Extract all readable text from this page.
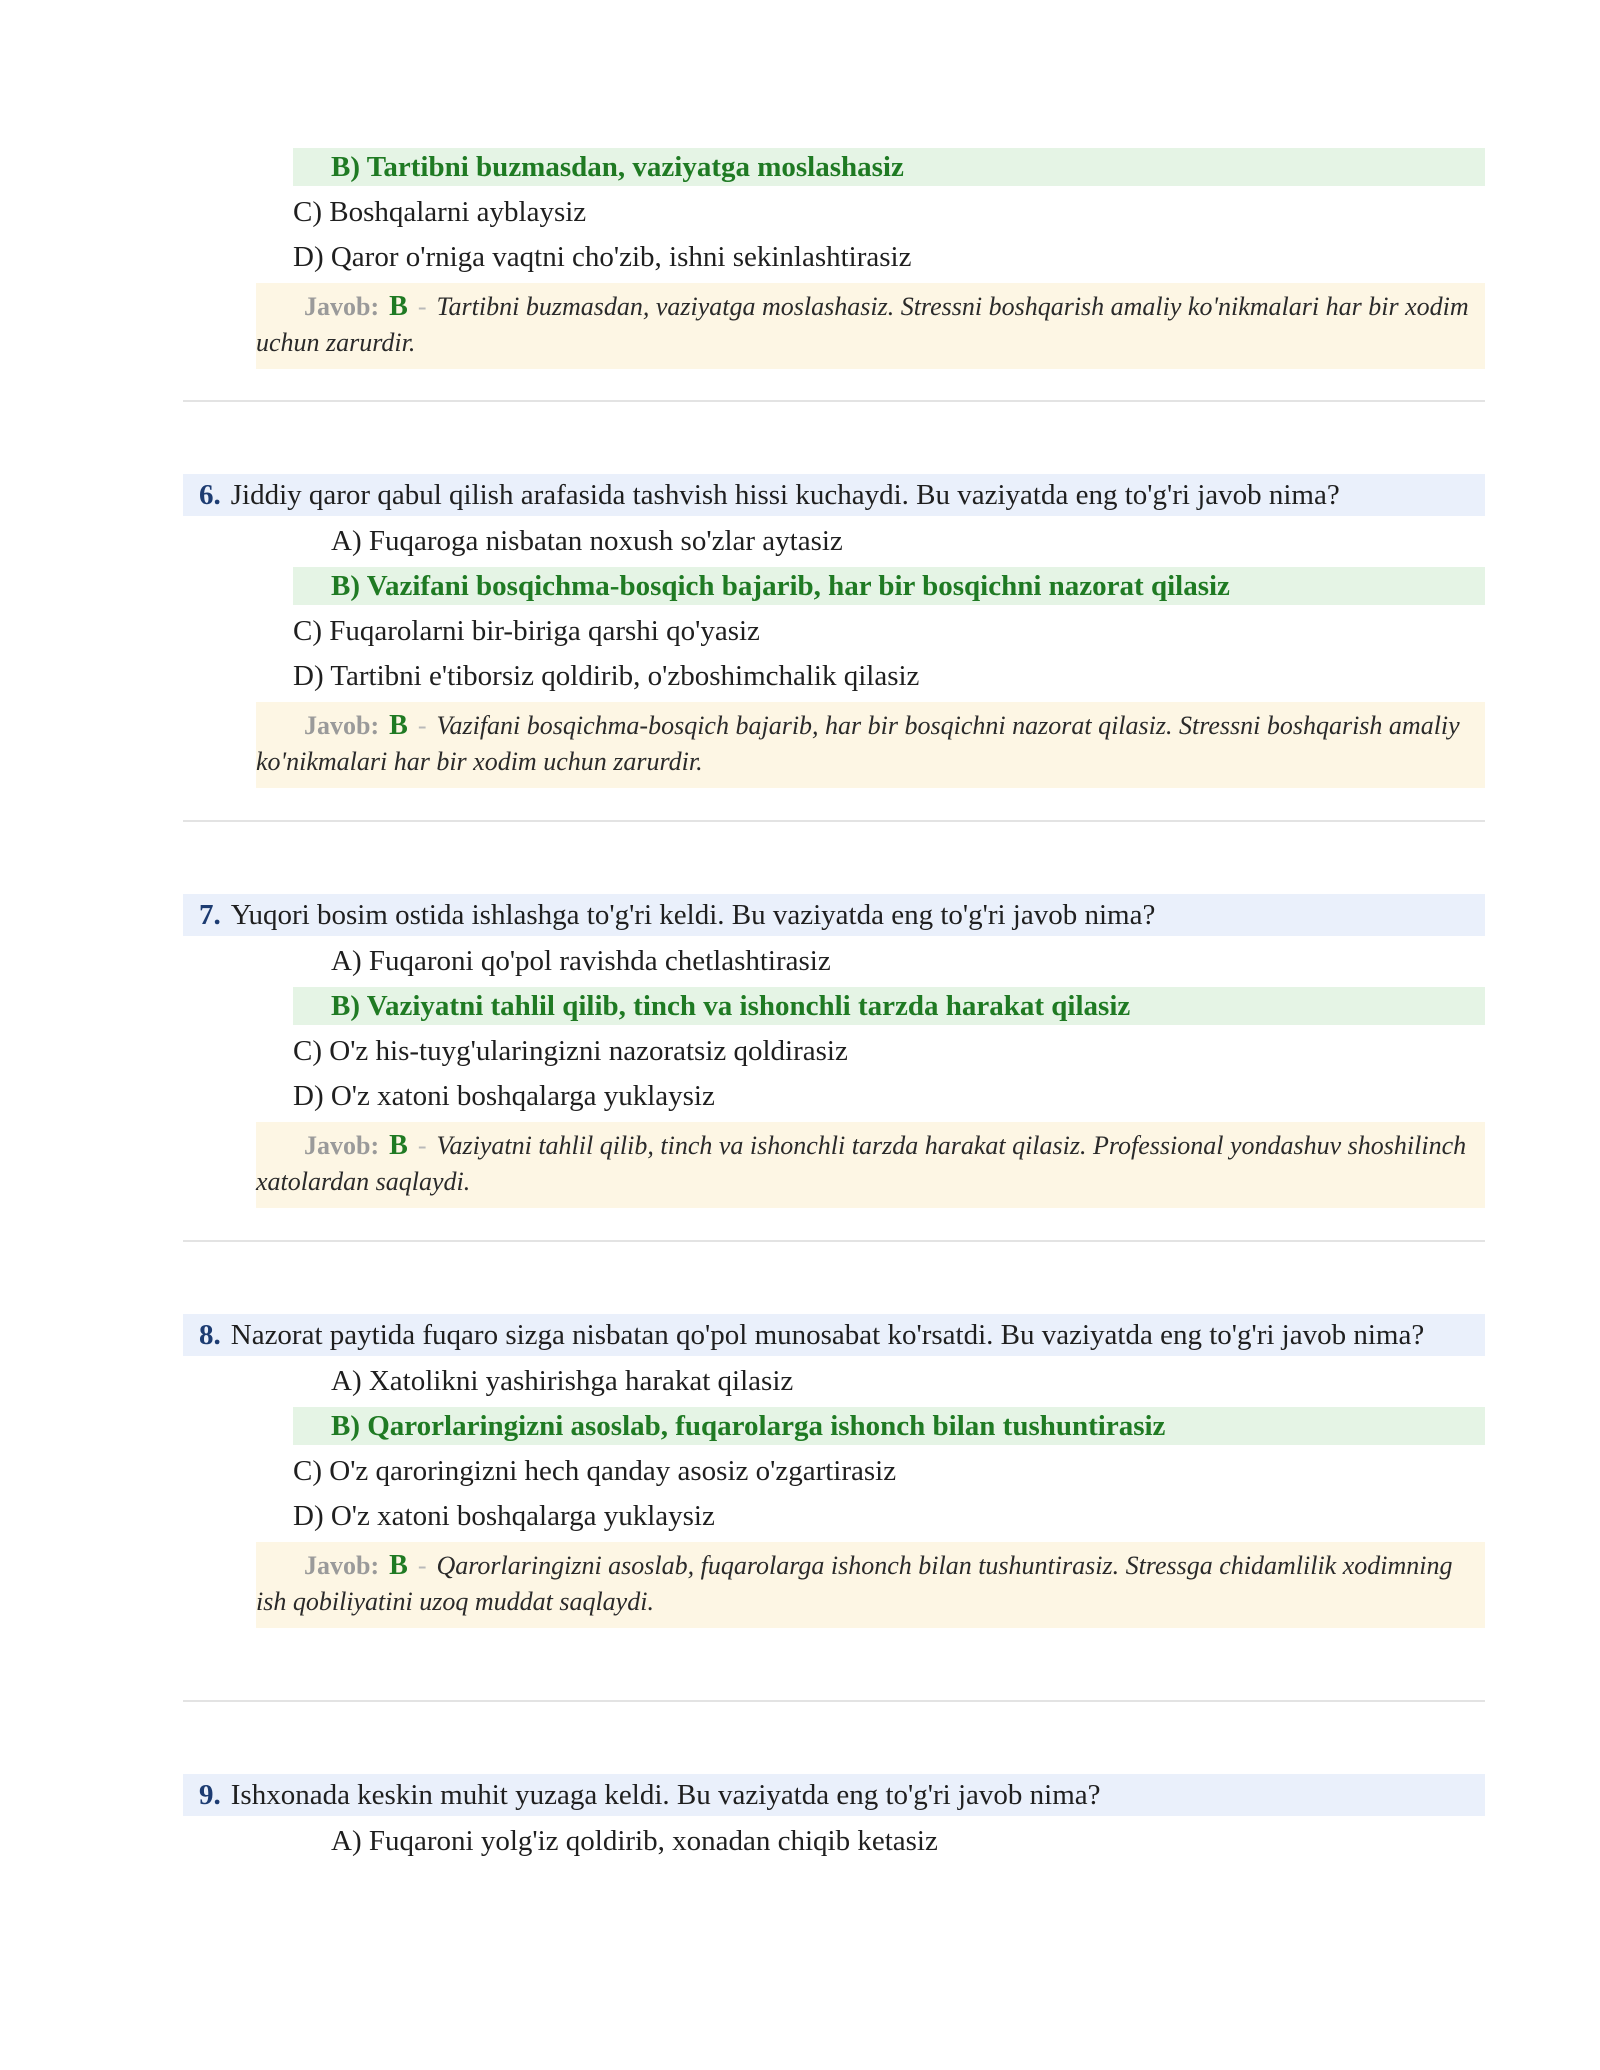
B) Tartibni buzmasdan, vaziyatga moslashasiz
C) Boshqalarni ayblaysiz
D) Qaror o'rniga vaqtni cho'zib, ishni sekinlashtirasiz
Javob: B - Tartibni buzmasdan, vaziyatga moslashasiz. Stressni boshqarish amaliy ko'nikmalari har bir xodim uchun zarurdir.
6. Jiddiy qaror qabul qilish arafasida tashvish hissi kuchaydi. Bu vaziyatda eng to'g'ri javob nima?
A) Fuqaroga nisbatan noxush so'zlar aytasiz
B) Vazifani bosqichma-bosqich bajarib, har bir bosqichni nazorat qilasiz
C) Fuqarolarni bir-biriga qarshi qo'yasiz
D) Tartibni e'tiborsiz qoldirib, o'zboshimchalik qilasiz
Javob: B - Vazifani bosqichma-bosqich bajarib, har bir bosqichni nazorat qilasiz. Stressni boshqarish amaliy ko'nikmalari har bir xodim uchun zarurdir.
7. Yuqori bosim ostida ishlashga to'g'ri keldi. Bu vaziyatda eng to'g'ri javob nima?
A) Fuqaroni qo'pol ravishda chetlashtirasiz
B) Vaziyatni tahlil qilib, tinch va ishonchli tarzda harakat qilasiz
C) O'z his-tuyg'ularingizni nazoratsiz qoldirasiz
D) O'z xatoni boshqalarga yuklaysiz
Javob: B - Vaziyatni tahlil qilib, tinch va ishonchli tarzda harakat qilasiz. Professional yondashuv shoshilinch xatolardan saqlaydi.
8. Nazorat paytida fuqaro sizga nisbatan qo'pol munosabat ko'rsatdi. Bu vaziyatda eng to'g'ri javob nima?
A) Xatolikni yashirishga harakat qilasiz
B) Qarorlaringizni asoslab, fuqarolarga ishonch bilan tushuntirasiz
C) O'z qaroringizni hech qanday asosiz o'zgartirasiz
D) O'z xatoni boshqalarga yuklaysiz
Javob: B - Qarorlaringizni asoslab, fuqarolarga ishonch bilan tushuntirasiz. Stressga chidamlilik xodimning ish qobiliyatini uzoq muddat saqlaydi.
9. Ishxonada keskin muhit yuzaga keldi. Bu vaziyatda eng to'g'ri javob nima?
A) Fuqaroni yolg'iz qoldirib, xonadan chiqib ketasiz
